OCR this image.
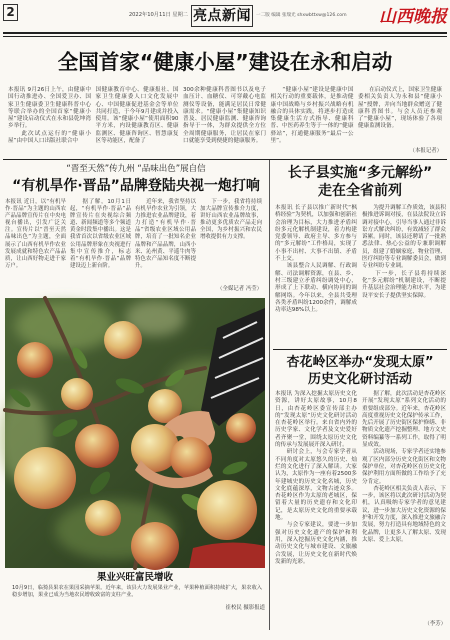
2	2022年10月11日 星期二 亮点新闻	一二版 编辑 张瑞光 shxwbttxw@126.com	山西晚报
全国首家“健康小屋”建设在永和启动
本报讯 9月26日上午，由健康中国行动推进办、全国爱卫办、国家卫生健康委卫生健康科普中心等联合举办的全国首家“健康小屋”建设启动仪式在永和县乾坤湾乡举行。
　　此次试点运行的“健康小屋”由中国人口出版社联合中
国健康教育中心、健康报社、国家卫生健康委人口文化发展中心、中国健康促进基金会等单位共同打造，于今年9月建成并投入使用。该“健康小屋”使用面积90平方米，内设健康教育区、健康监测区、健康咨询区、智慧康复区等功能区，配备了
300余种健康科普图书以及电子血压计、血糖仪、可穿戴心电监测仪等设备，能满足居民日常健康需求。“健康小屋”集健康知识普及、居民健康监测、健康咨询指导于一体，为群众提供全方位全周期健康服务，让居民在家门口就能享受到便捷的健康服务。
　　“健康小屋”建设是健康中国相关行动的重要载体，是推动健康中国战略与乡村振兴战略有机融合的具体实践，将逐步打造成集健康生活方式指导、健康科普、中医药养生等于一体的“健康驿站”，打通健康服务“最后一公里”。
　　在启动仪式上，国家卫生健康委相关负责人为永和县“健康小屋”授牌，并向当地群众赠送了健康科普图书。与会人员还参观了“健康小屋”，现场体验了各项健康监测设备。
（本报记者）
“晋至天然”传九州 “品味出色”展自信
“有机旱作·晋品”品牌登陆央视一炮打响
本报讯 近日，以“有机旱作·晋品”为主题的山西农产品品牌宣传片在中央电视台播出，引发广泛关注。宣传片以“晋至天然 品味出色”为主题，全面展示了山西有机旱作农业发展成就和特色农产品品质，让山西好物走进千家万户。
　　据了解，10月1日起，“有机旱作·晋品”品牌宣传片在央视综合频道、新闻频道等多个频道黄金时段集中播出。这是我省首次以省级农业区域公用品牌形象在央视进行集中宣传推介，标志着“有机旱作·晋品”品牌建设迈上新台阶。
　　近年来，我省坚持以有机旱作农业为引领，大力推进农业品牌建设，着力打造“有机旱作·晋品”省级农业区域公用品牌，培育了一批知名企业品牌和产品品牌，山西小米、沁州黄、平遥牛肉等特色农产品知名度不断提升。
　　下一步，我省将持续加大品牌宣传推介力度，讲好山西农业品牌故事，推动更多优质农产品走向全国，为乡村振兴和农民增收提供有力支撑。
（全媒记者 冯莹）
果业兴旺富民增收
10月9日，临猗县果农在果园采摘苹果。近年来，该县大力发展果业产业，苹果种植面积持续扩大，果农收入稳步增加，果业已成为当地农民增收致富的支柱产业。
崔校民 摄影报道
长子县实施“多元解纷”
走在全省前列
本报讯 长子县以推广新时代“枫桥经验”为契机，以加强和创新社会治理为目标，大力推进矛盾纠纷多元化解机制建设，着力构建党委领导、政府主导、多方参与的“多元解纷”工作格局，实现了小事不出村、大事不出镇、矛盾不上交。
　　该县整合人民调解、行政调解、司法调解资源，在县、乡、村三级建立矛盾纠纷调处中心，形成了上下联动、横向协同的调解网络。今年以来，全县共受理各类矛盾纠纷1200余件，调解成功率达98%以上。
　　为提升调解工作质效，该县积极推进诉调对接，在县法院设立诉调对接中心，引导当事人通过非诉讼方式解决纠纷，有效减轻了群众诉累。同时，该县还聘请了一批熟悉法律、热心公益的专兼职调解员，组建了婚姻家庭、物业管理、医疗纠纷等专业调解委员会，做到专业纠纷专业调。
　　下一步，长子县将持续深化“多元解纷”机制建设，不断提升基层社会治理能力和水平，为建设平安长子提供坚实保障。
杏花岭区举办“发现太原”
历史文化研讨活动
本报讯 为深入挖掘太原历史文化资源，讲好太原故事，10月8日，由杏花岭区委宣传部主办的“发现太原”历史文化研讨活动在杏花岭区举行。来自省内外的历史学家、文化学者及文史爱好者齐聚一堂，围绕太原历史文化的传承与发展展开深入研讨。
　　研讨会上，与会专家学者从不同角度对太原悠久的历史、灿烂的文化进行了深入解读。大家认为，太原作为一座有着2500多年建城史的历史文化名城，历史文化底蕴深厚，文物古迹众多。杏花岭区作为太原的老城区，保留着大量的历史遗存和文化印记，是太原历史文化的重要承载地。
　　与会专家建议，要进一步加强对历史文化遗产的保护和利用，深入挖掘历史文化内涵，推动历史文化与城市建设、文旅融合发展，让历史文化在新时代焕发新的光彩。
　　据了解，此次活动是杏花岭区开展“发现太原”系列文化活动的重要组成部分。近年来，杏花岭区高度重视历史文化保护传承工作，先后开展了历史街区保护修缮、非物质文化遗产挖掘整理、地方文史资料编纂等一系列工作，取得了明显成效。
　　活动现场，专家学者还实地参观了区内部分历史文化街区和文物保护单位，对杏花岭区在历史文化保护利用方面所做的工作给予了充分肯定。
　　杏花岭区相关负责人表示，下一步，该区将以此次研讨活动为契机，认真吸纳专家学者的意见建议，进一步加大历史文化资源的保护和开发力度，深入推进文旅融合发展，努力打造具有地域特色的文化品牌，让更多人了解太原、发现太原、爱上太原。
（李芳）
